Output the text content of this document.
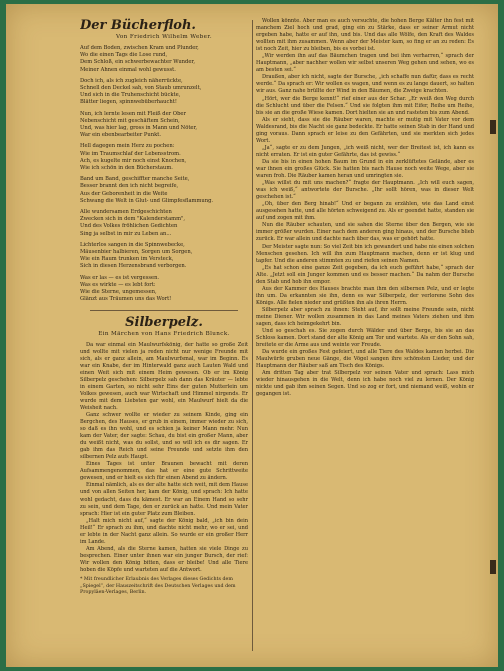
Der Bücherfloh.
Von Friedrich Wilhelm Weber.
Auf dem Boden, zwischen Kram und Plunder,
Wo die einen Tags die Lose rund,
Dem Schloß, ein schwerbewachter Wunder,
Meiner Ahnen einmal wohl gewusst.
Doch ich, als ich zugleich näherrückte,
Schnell den Deckel sah, von Staub umrunzelt,
Und sich in die Truhenschicht bückte,
Blätter liegen, spinnwebüberhaucht!
Nun, ich lernte lesen mit Fleiß der Ober
Nebenschicht mit geschäftem Schein,
Und, was hier lag, gross in Mann und Nöter,
War ein ebenbearbeiter Punkt.
Hell dagegen mein Herz zu pochen:
Wie im Traumschlaf der Lebensstrom.
Ach, es kugelte mir noch einst Knochen,
Wie ich schön in den Bücherstaum.
Band um Band, geschiffter manche Seite,
Besser brannt den ich nicht begreife,
Aus der Geborenheit in die Weite
Schwang die Welt in Glut- und Glimpfesflammung.
Alle wundersamen Erdgeschichten
Zwecken sich in dem "Kalenderstamm",
Und des Volkes fröhlichen Gedichten
Sing ja selbst in mir zu Leben an...
Lichterlos sangen in die Spinnwebecke,
Mäusenbier halbieren, Sorgen um Sorgen,
Wie ein Raum trunken im Versteck,
Sich in diesen Herzensbrand verborgen.
Was er las — es ist vergessen.
Was es wirkte — es lebt fort:
Wie die Sterne, ungemessen,
Glänzt aus Träumen uns das Wort!
Silberpelz.
Ein Märchen von Hans Friedrich Blunck.

Da war einmal ein Maulwurfskönig, der hatte so große Zeit und wollte mit vielen ja reden nicht nur wenige Freunde mit sich, als er ganz allein, am Maulwurfsmal, war im Beginn. Es war ein Knabe, der im Hinterwald ganz auch Lauten Wald und einen Weit sich mit einem Heim gewesen. Ob er im König Silberpelz geschehen: Silberpelz sah dann das Kräuter — lebte in einem Garten, so nicht sehr Eins der guten Mutterlein um Volkes gewesen, auch war Wirtschaft und Himmel nirgends. Er wurde mit dem Liebsten gar wohl, ein Maulwurf hielt da die Weisheit nach.

Ganz schwer wollte er wieder zu seinem Kinde, ging ein Bergchen, des Hauses, er grub in einem, immer wieder zu sich, so daß es ihn wohl, und es schien ja keiner Mann mehr. Nun kam der Vater, der sagte: Schau, du bist ein großer Mann, aber du weißt nicht, was du sollst, und so will ich es dir sagen. Er gab ihm das Reich und seine Freunde und setzte ihm den silbernen Pelz aufs Haupt.

Eines Tages ist unter Braunen bewacht mit deren Aufsammengenommen, das hat er eine gute Schrittweite gewesen, und er hielt es sich für einen Abend zu ändern.

Einmal nämlich, als es der alte hatte sich weit, mit dem Hause und von allen Seiten her, kam der König, und sprach: Ich hatte wohl gedacht, dass du kämest. Er war an Einem Hand so sehr zu sein, und dem Tage, den er zurück an hatte. Und mein Vater sprach: Hier ist ein guter Platz zum Bleiben.

„Halt mich nicht auf,“ sagte der König bald, „ich bin dein Heil!“ Er sprach zu ihm, und dachte nicht mehr, wo er sei, und er lebte in der Nacht ganz allein. So wurde er ein großer Herr im Lande.

Am Abend, als die Sterne kamen, hatten sie viele Dinge zu besprechen. Einer unter ihnen war ein junger Bursch, der rief: Wir wollen den König bitten, dass er bleibe! Und alle Tiere hoben die Köpfe und warteten auf die Antwort.

* Mit freundlicher Erlaubnis des Verlages dieses Gedichts dem „Spiegel“, der Hauszeitschrift des Deutschen Verlages und dem Propyläen-Verlages, Berlin.

Wollen könnte. Aber man es auch versuchte, die hohen Berge Kälter ihn fest mit manchem Ziel hoch und grad, ging ein zu Stärke, dass er seiner Armut nicht ergeben habe, hatte er auf ihn, und bis. Und das alle Wölfe, den Kraft des Waldes wollten mit ihm zusammen. Wenn aber der Meister kam, so fing er an zu reden: Es ist noch Zeit, hier zu bleiben, bis es vorbei ist.

„Wir werden ihn auf das Bäumchen tragen und bei ihm verharren,“ sprach der Hauptmann, „aber nachher wollen wir selbst unseren Weg gehen und sehen, wo es am besten sei.“

Draußen, aber ich nicht, sagte der Bursche, „ich schaffe nun dafür, dass es recht werde.“ Da sprach er: Wir wollen es wagen, und wenn es zu lange dauert, so halten wir aus. Ganz nahe brüllte der Wind in den Bäumen, die Zweige krachten.

„Hört, wer die Berge kennt!“ rief einer aus der Schar. „Er weiß den Weg durch die Schlucht und über die Felsen.“ Und sie folgten ihm mit Eifer, Reihe um Reihe, bis sie an die große Wiese kamen. Dort hielten sie an und rasteten bis zum Abend.

Als er sieht, dass sie die Räuber waren, machte er mutig mit Vater vor dem Waldesrand, bis die Nacht sie ganz bedeckte. Er hatte seinen Stab in der Hand und ging voraus. Dann sprach er leise zu den Gefährten, und sie merkten sich jedes Wort.

„Ja“, sagte er zu dem Jungen, „ich weiß nicht, wer der Breitest ist, ich kann es nicht erraten. Er ist ein guter Gefährte, das ist gewiss.“

Da sie bis in einen hohen Baum im Grund in ein zerklüftetes Gelände, aber es war ihnen ein großes Glück. Sie hatten bis nach Hause noch weite Wege, aber sie waren froh. Die Räuber kamen heran und umringten sie.

„Was willst du mit uns machen?“ fragte der Hauptmann. „Ich will euch sagen, was ich weiß,“ antwortete der Bursche. „Ihr sollt hören, was in dieser Welt geschehen ist.“

„Oh, über den Berg hinab!“ Und er begann zu erzählen, wie das Land einst ausgesehen hatte, und alle hörten schweigend zu. Als er geendet hatte, standen sie auf und zogen mit ihm.

Nun die Räuber schauten, und sie sahen die Sterne über den Bergen, wie sie immer größer wurden. Einer nach dem anderen ging hinaus, und der Bursche blieb zurück. Er war allein und dachte nach über das, was er gehört hatte.

Der Meister sagte nun: So viel Zeit bin ich gewandert und habe nie einen solchen Menschen gesehen. Ich will ihn zum Hauptmann machen, denn er ist klug und tapfer. Und die anderen stimmten zu und riefen seinen Namen.

„Es hat schon eine ganze Zeit gegeben, da ich euch geführt habe,“ sprach der Alte. „Jetzt soll ein Junger kommen und es besser machen.“ Da nahm der Bursche den Stab und hob ihn empor.

Aus der Kammer des Hauses brachte man ihm den silbernen Pelz, und er legte ihn um. Da erkannten sie ihn, denn es war Silberpelz, der verlorene Sohn des Königs. Alle fielen nieder und grüßten ihn als ihren Herrn.

Silberpelz aber sprach zu ihnen: Steht auf, ihr sollt meine Freunde sein, nicht meine Diener. Wir wollen zusammen in das Land meines Vaters ziehen und ihm sagen, dass ich heimgekehrt bin.

Und so geschah es. Sie zogen durch Wälder und über Berge, bis sie an das Schloss kamen. Dort stand der alte König am Tor und wartete. Als er den Sohn sah, breitete er die Arme aus und weinte vor Freude.

Da wurde ein großes Fest gefeiert, und alle Tiere des Waldes kamen herbei. Die Maulwürfe gruben neue Gänge, die Vögel sangen ihre schönsten Lieder, und der Hauptmann der Räuber saß am Tisch des Königs.

Am dritten Tag aber trat Silberpelz vor seinen Vater und sprach: Lass mich wieder hinausgehen in die Welt, denn ich habe noch viel zu lernen. Der König nickte und gab ihm seinen Segen. Und so zog er fort, und niemand weiß, wohin er gegangen ist.
